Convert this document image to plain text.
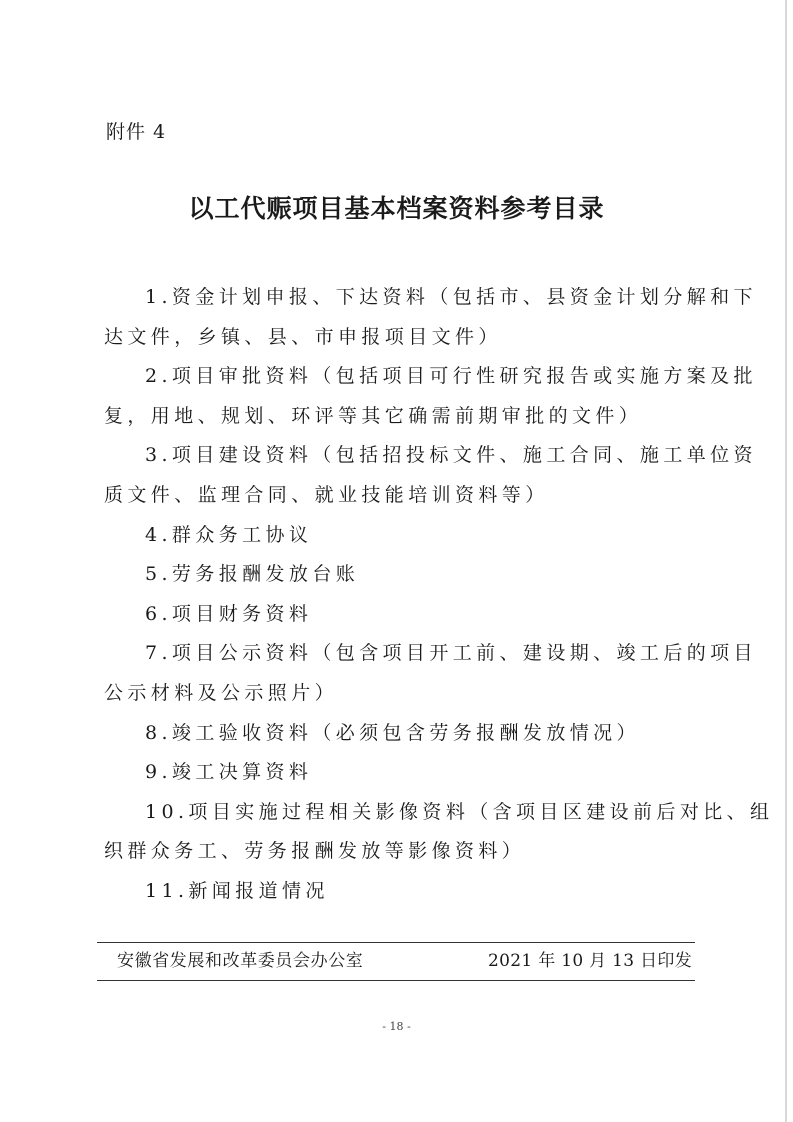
附件 4
以工代赈项目基本档案资料参考目录

1.资金计划申报、下达资料（包括市、县资金计划分解和下
达文件，乡镇、县、市申报项目文件）

2.项目审批资料（包括项目可行性研究报告或实施方案及批
复，用地、规划、环评等其它确需前期审批的文件）

3.项目建设资料（包括招投标文件、施工合同、施工单位资
质文件、监理合同、就业技能培训资料等）

4.群众务工协议

5.劳务报酬发放台账

6.项目财务资料

7.项目公示资料（包含项目开工前、建设期、竣工后的项目
公示材料及公示照片）

8.竣工验收资料（必须包含劳务报酬发放情况）

9.竣工决算资料

10.项目实施过程相关影像资料（含项目区建设前后对比、组
织群众务工、劳务报酬发放等影像资料）

11.新闻报道情况

安徽省发展和改革委员会办公室	2021 年 10 月 13 日印发
- 18 -
